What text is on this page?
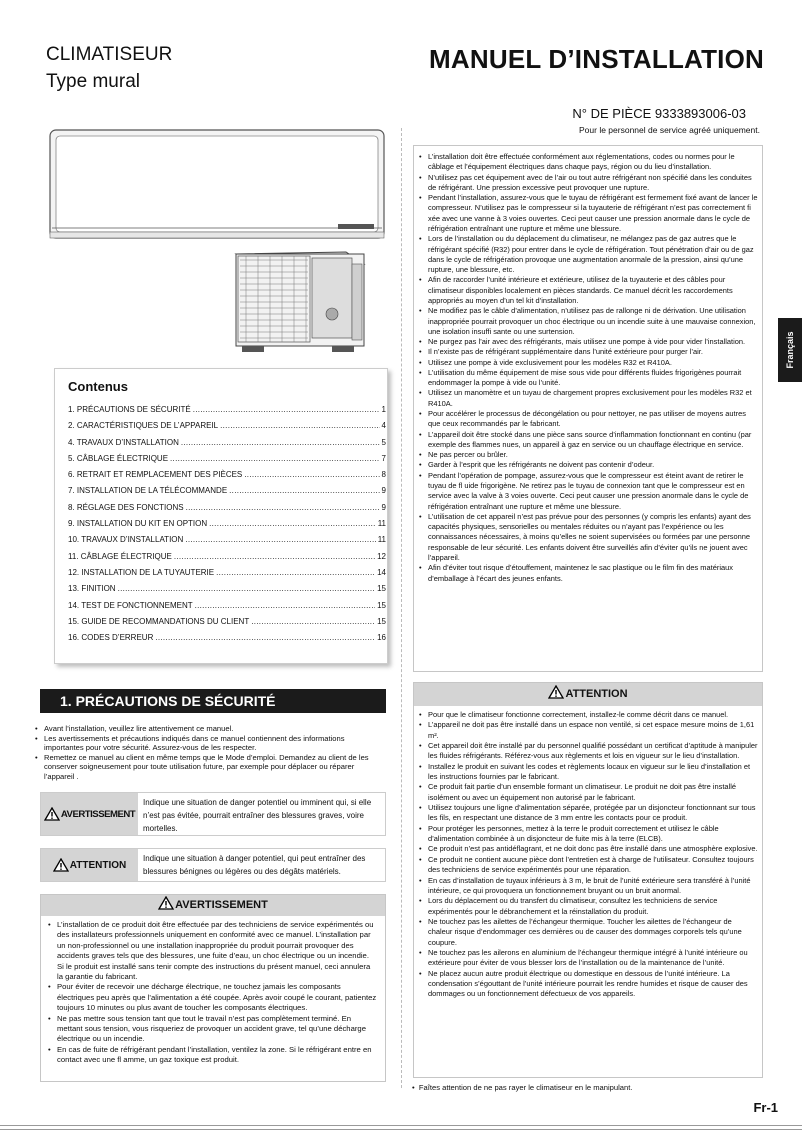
CLIMATISEUR
Type mural
MANUEL D’INSTALLATION
N° DE PIÈCE 9333893006-03
Pour le personnel de service agréé uniquement.
Contenus
1. PRÉCAUTIONS DE SÉCURITÉ .....	1
2. CARACTÉRISTIQUES DE L’APPAREIL .....	4
4. TRAVAUX D’INSTALLATION .....	5
5. CÂBLAGE ÉLECTRIQUE .....	7
6. RETRAIT ET REMPLACEMENT DES PIÈCES .....	8
7. INSTALLATION DE LA TÉLÉCOMMANDE .....	9
8. RÉGLAGE DES FONCTIONS .....	9
9. INSTALLATION DU KIT EN OPTION .....	11
10. TRAVAUX D’INSTALLATION .....	11
11. CÂBLAGE ÉLECTRIQUE .....	12
12. INSTALLATION DE LA TUYAUTERIE .....	14
13. FINITION .....	15
14. TEST DE FONCTIONNEMENT .....	15
15. GUIDE DE RECOMMANDATIONS DU CLIENT .....	15
16. CODES D’ERREUR .....	16
1. PRÉCAUTIONS DE SÉCURITÉ
• Avant l’installation, veuillez lire attentivement ce manuel.
• Les avertissements et précautions indiqués dans ce manuel contiennent des informations importantes pour votre sécurité. Assurez-vous de les respecter.
• Remettez ce manuel au client en même temps que le Mode d’emploi. Demandez au client de les conserver soigneusement pour toute utilisation future, par exemple pour déplacer ou réparer l’appareil .
AVERTISSEMENT
Indique une situation de danger potentiel ou imminent qui, si elle n’est pas évitée, pourrait entraîner des blessures graves, voire mortelles.
ATTENTION
Indique une situation à danger potentiel, qui peut entraîner des blessures bénignes ou légères ou des dégâts matériels.
AVERTISSEMENT
• L’installation de ce produit doit être effectuée par des techniciens de service expérimentés ou des installateurs professionnels uniquement en conformité avec ce manuel. L’installation par un non-professionnel ou une installation inappropriée du produit pourrait provoquer des accidents graves tels que des blessures, une fuite d’eau, un choc électrique ou un incendie. Si le produit est installé sans tenir compte des instructions du présent manuel, ceci annulera la garantie du fabricant.
• Pour éviter de recevoir une décharge électrique, ne touchez jamais les composants électriques peu après que l’alimentation a été coupée. Après avoir coupé le courant, patientez toujours 10 minutes ou plus avant de toucher les composants électriques.
• Ne pas mettre sous tension tant que tout le travail n’est pas complètement terminé. En mettant sous tension, vous risqueriez de provoquer un accident grave, tel qu’une décharge électrique ou un incendie.
• En cas de fuite de réfrigérant pendant l’installation, ventilez la zone. Si le réfrigérant entre en contact avec une fl amme, un gaz toxique est produit.
• L’installation doit être effectuée conformément aux réglementations, codes ou normes pour le câblage et l’équipement électriques dans chaque pays, région ou du lieu d’installation.
• N’utilisez pas cet équipement avec de l’air ou tout autre réfrigérant non spécifié dans les conduites de réfrigérant. Une pression excessive peut provoquer une rupture.
• Pendant l’installation, assurez-vous que le tuyau de réfrigérant est fermement fixé avant de lancer le compresseur. N’utilisez pas le compresseur si la tuyauterie de réfrigérant n’est pas correctement fi xée avec une vanne à 3 voies ouvertes. Ceci peut causer une pression anormale dans le cycle de réfrigération entraînant une rupture et même une blessure.
• Lors de l’installation ou du déplacement du climatiseur, ne mélangez pas de gaz autres que le réfrigérant spécifié (R32) pour entrer dans le cycle de réfrigération. Tout pénétration d’air ou de gaz dans le cycle de réfrigération provoque une augmentation anormale de la pression, ainsi qu’une rupture, une blessure, etc.
• Afin de raccorder l’unité intérieure et extérieure, utilisez de la tuyauterie et des câbles pour climatiseur disponibles localement en pièces standards. Ce manuel décrit les raccordements appropriés au moyen d’un tel kit d’installation.
• Ne modifiez pas le câble d’alimentation, n’utilisez pas de rallonge ni de dérivation. Une utilisation inappropriée pourrait provoquer un choc électrique ou un incendie suite à une mauvaise connexion, une isolation insuffi sante ou une surtension.
• Ne purgez pas l’air avec des réfrigérants, mais utilisez une pompe à vide pour vider l’installation.
• Il n’existe pas de réfrigérant supplémentaire dans l’unité extérieure pour purger l’air.
• Utilisez une pompe à vide exclusivement pour les modèles R32 et R410A.
• L’utilisation du même équipement de mise sous vide pour différents fluides frigorigènes pourrait endommager la pompe à vide ou l’unité.
• Utilisez un manomètre et un tuyau de chargement propres exclusivement pour les modèles R32 et R410A.
• Pour accélérer le processus de décongélation ou pour nettoyer, ne pas utiliser de moyens autres que ceux recommandés par le fabricant.
• L’appareil doit être stocké dans une pièce sans source d’inflammation fonctionnant en continu (par exemple des flammes nues, un appareil à gaz en service ou un chauffage électrique en service.
• Ne pas percer ou brûler.
• Garder à l’esprit que les réfrigérants ne doivent pas contenir d’odeur.
• Pendant l’opération de pompage, assurez-vous que le compresseur est éteint avant de retirer le tuyau de fl uide frigorigène. Ne retirez pas le tuyau de connexion tant que le compresseur est en service avec la valve à 3 voies ouverte. Ceci peut causer une pression anormale dans le cycle de réfrigération entraînant une rupture et même une blessure.
• L’utilisation de cet appareil n’est pas prévue pour des personnes (y compris les enfants) ayant des capacités physiques, sensorielles ou mentales réduites ou n’ayant pas l’expérience ou les connaissances nécessaires, à moins qu’elles ne soient supervisées ou formées par une personne responsable de leur sécurité. Les enfants doivent être surveillés afin d’éviter qu’ils ne jouent avec l’appareil.
• Afin d’éviter tout risque d’étouffement, maintenez le sac plastique ou le film fin des matériaux d’emballage à l’écart des jeunes enfants.
ATTENTION
• Pour que le climatiseur fonctionne correctement, installez-le comme décrit dans ce manuel.
• L’appareil ne doit pas être installé dans un espace non ventilé, si cet espace mesure moins de 1,61 m².
• Cet appareil doit être installé par du personnel qualifié possédant un certificat d’aptitude à manipuler les fluides réfrigérants. Référez-vous aux règlements et lois en vigueur sur le lieu d’installation.
• Installez le produit en suivant les codes et règlements locaux en vigueur sur le lieu d’installation et les instructions fournies par le fabricant.
• Ce produit fait partie d’un ensemble formant un climatiseur. Le produit ne doit pas être installé isolément ou avec un équipement non autorisé par le fabricant.
• Utilisez toujours une ligne d’alimentation séparée, protégée par un disjoncteur fonctionnant sur tous les fils, en respectant une distance de 3 mm entre les contacts pour ce produit.
• Pour protéger les personnes, mettez à la terre le produit correctement et utilisez le câble d’alimentation combinée à un disjoncteur de fuite mis à la terre (ELCB).
• Ce produit n’est pas antidéflagrant, et ne doit donc pas être installé dans une atmosphère explosive.
• Ce produit ne contient aucune pièce dont l’entretien est à charge de l’utilisateur. Consultez toujours des techniciens de service expérimentés pour une réparation.
• En cas d’installation de tuyaux inférieurs à 3 m, le bruit de l’unité extérieure sera transféré à l’unité intérieure, ce qui provoquera un fonctionnement bruyant ou un bruit anormal.
• Lors du déplacement ou du transfert du climatiseur, consultez les techniciens de service expérimentés pour le débranchement et la réinstallation du produit.
• Ne touchez pas les ailettes de l’échangeur thermique. Toucher les ailettes de l’échangeur de chaleur risque d’endommager ces dernières ou de causer des dommages corporels tels qu’une coupure.
• Ne touchez pas les ailerons en aluminium de l’échangeur thermique intégré à l’unité intérieure ou extérieure pour éviter de vous blesser lors de l’installation ou de la maintenance de l’unité.
• Ne placez aucun autre produit électrique ou domestique en dessous de l’unité intérieure. La condensation s’égouttant de l’unité intérieure pourrait les rendre humides et risque de causer des dommages ou un fonctionnement défectueux de vos appareils.
•  Faîtes attention de ne pas rayer le climatiseur en le manipulant.
Fr-1
Français
